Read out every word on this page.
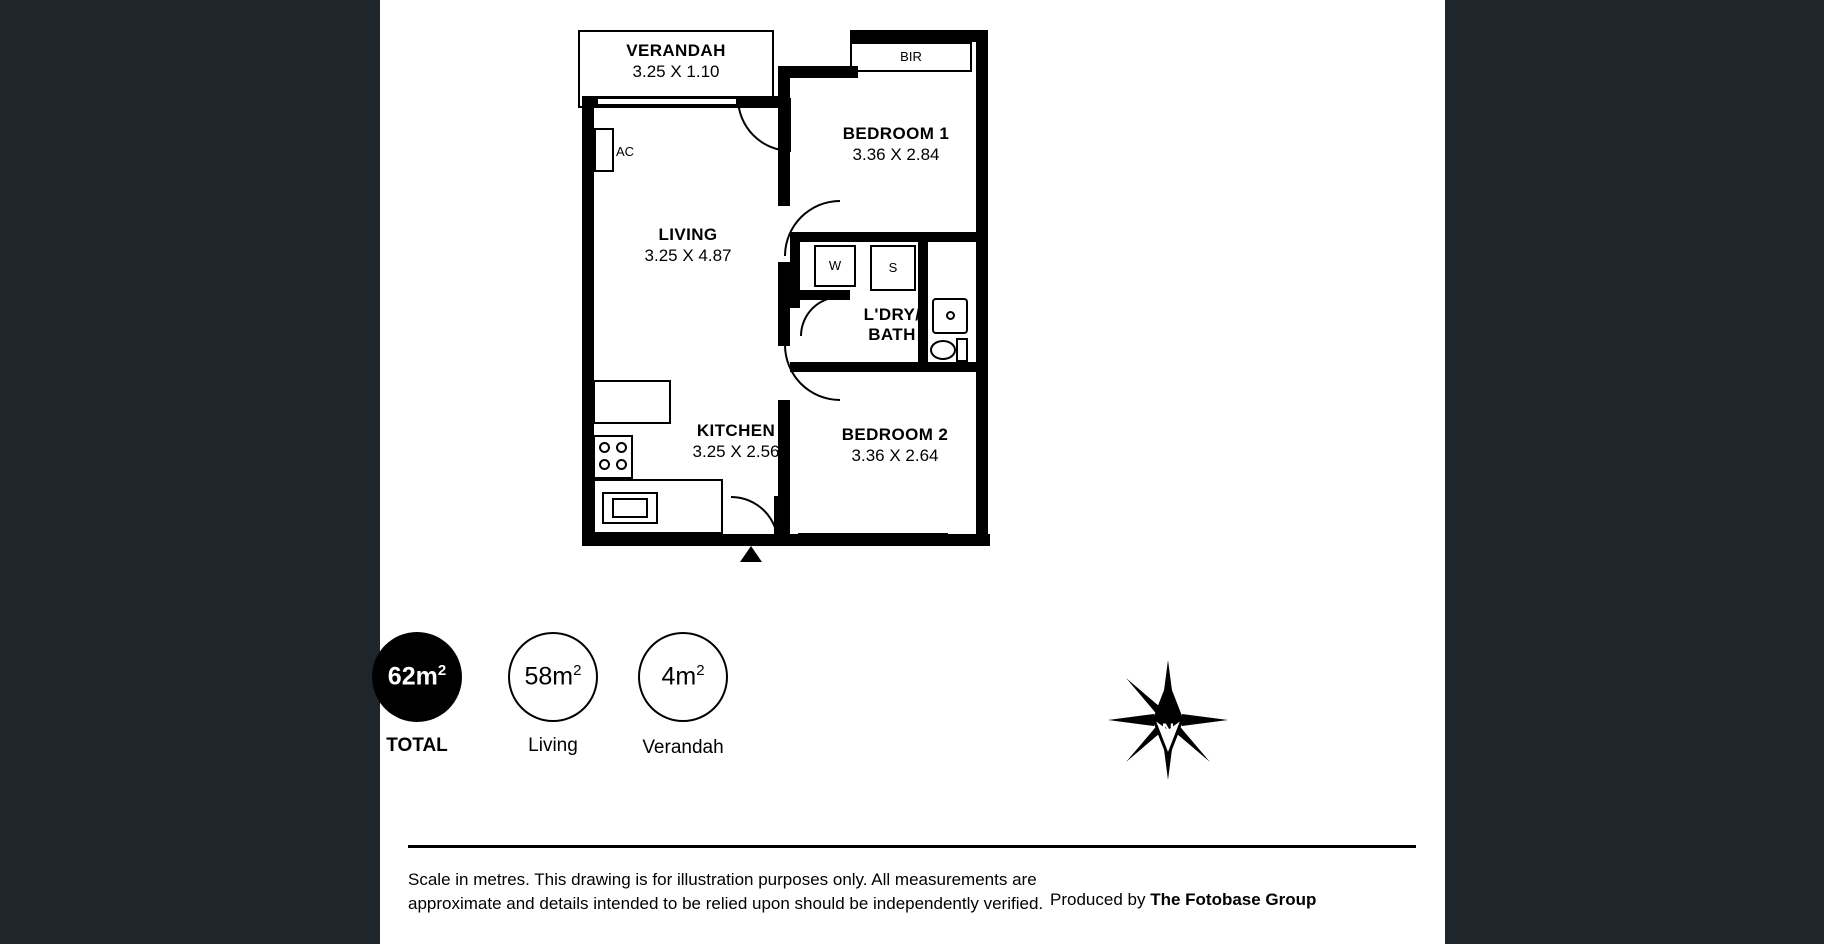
VERANDAH
3.25 X 1.10
BIR
BEDROOM 1
3.36 X 2.84
W	S
L'DRY/
BATH
BEDROOM 2
3.36 X 2.64
LIVING
3.25 X 4.87
AC
KITCHEN
3.25 X 2.56
$62m^2$
TOTAL
$58m^2$
Living
$4m^2$
Verandah
N
Scale in metres. This drawing is for illustration purposes only. All measurements are approximate and details intended to be relied upon should be independently verified. Produced by The Fotobase Group
